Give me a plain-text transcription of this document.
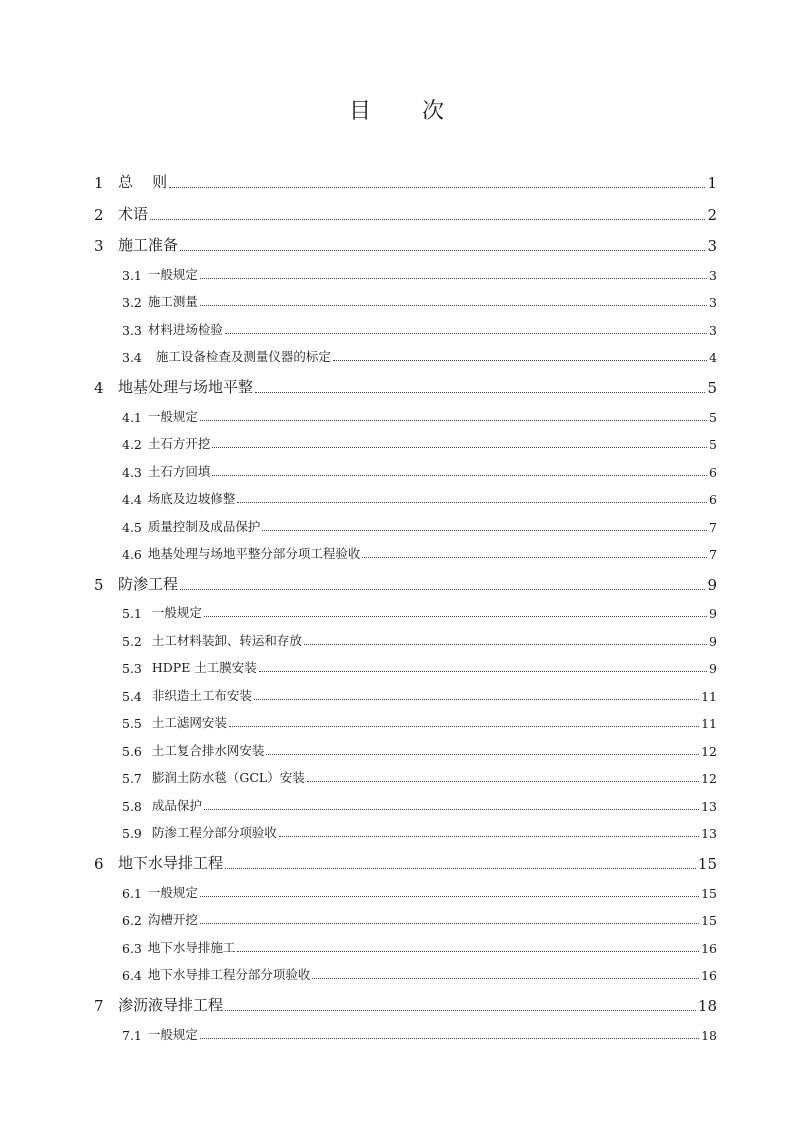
目 次
1 总    则	1
2 术语	2
3 施工准备	3
3.1 一般规定	3
3.2 施工测量	3
3.3 材料进场检验	3
3.4 施工设备检查及测量仪器的标定	4
4 地基处理与场地平整	5
4.1 一般规定	5
4.2 土石方开挖	5
4.3 土石方回填	6
4.4 场底及边坡修整	6
4.5 质量控制及成品保护	7
4.6 地基处理与场地平整分部分项工程验收	7
5 防渗工程	9
5.1 一般规定	9
5.2 土工材料装卸、转运和存放	9
5.3 HDPE 土工膜安装	9
5.4 非织造土工布安装	11
5.5 土工滤网安装	11
5.6 土工复合排水网安装	12
5.7 膨润土防水毯（GCL）安装	12
5.8 成品保护	13
5.9 防渗工程分部分项验收	13
6 地下水导排工程	15
6.1 一般规定	15
6.2 沟槽开挖	15
6.3 地下水导排施工	16
6.4 地下水导排工程分部分项验收	16
7 渗沥液导排工程	18
7.1 一般规定	18
